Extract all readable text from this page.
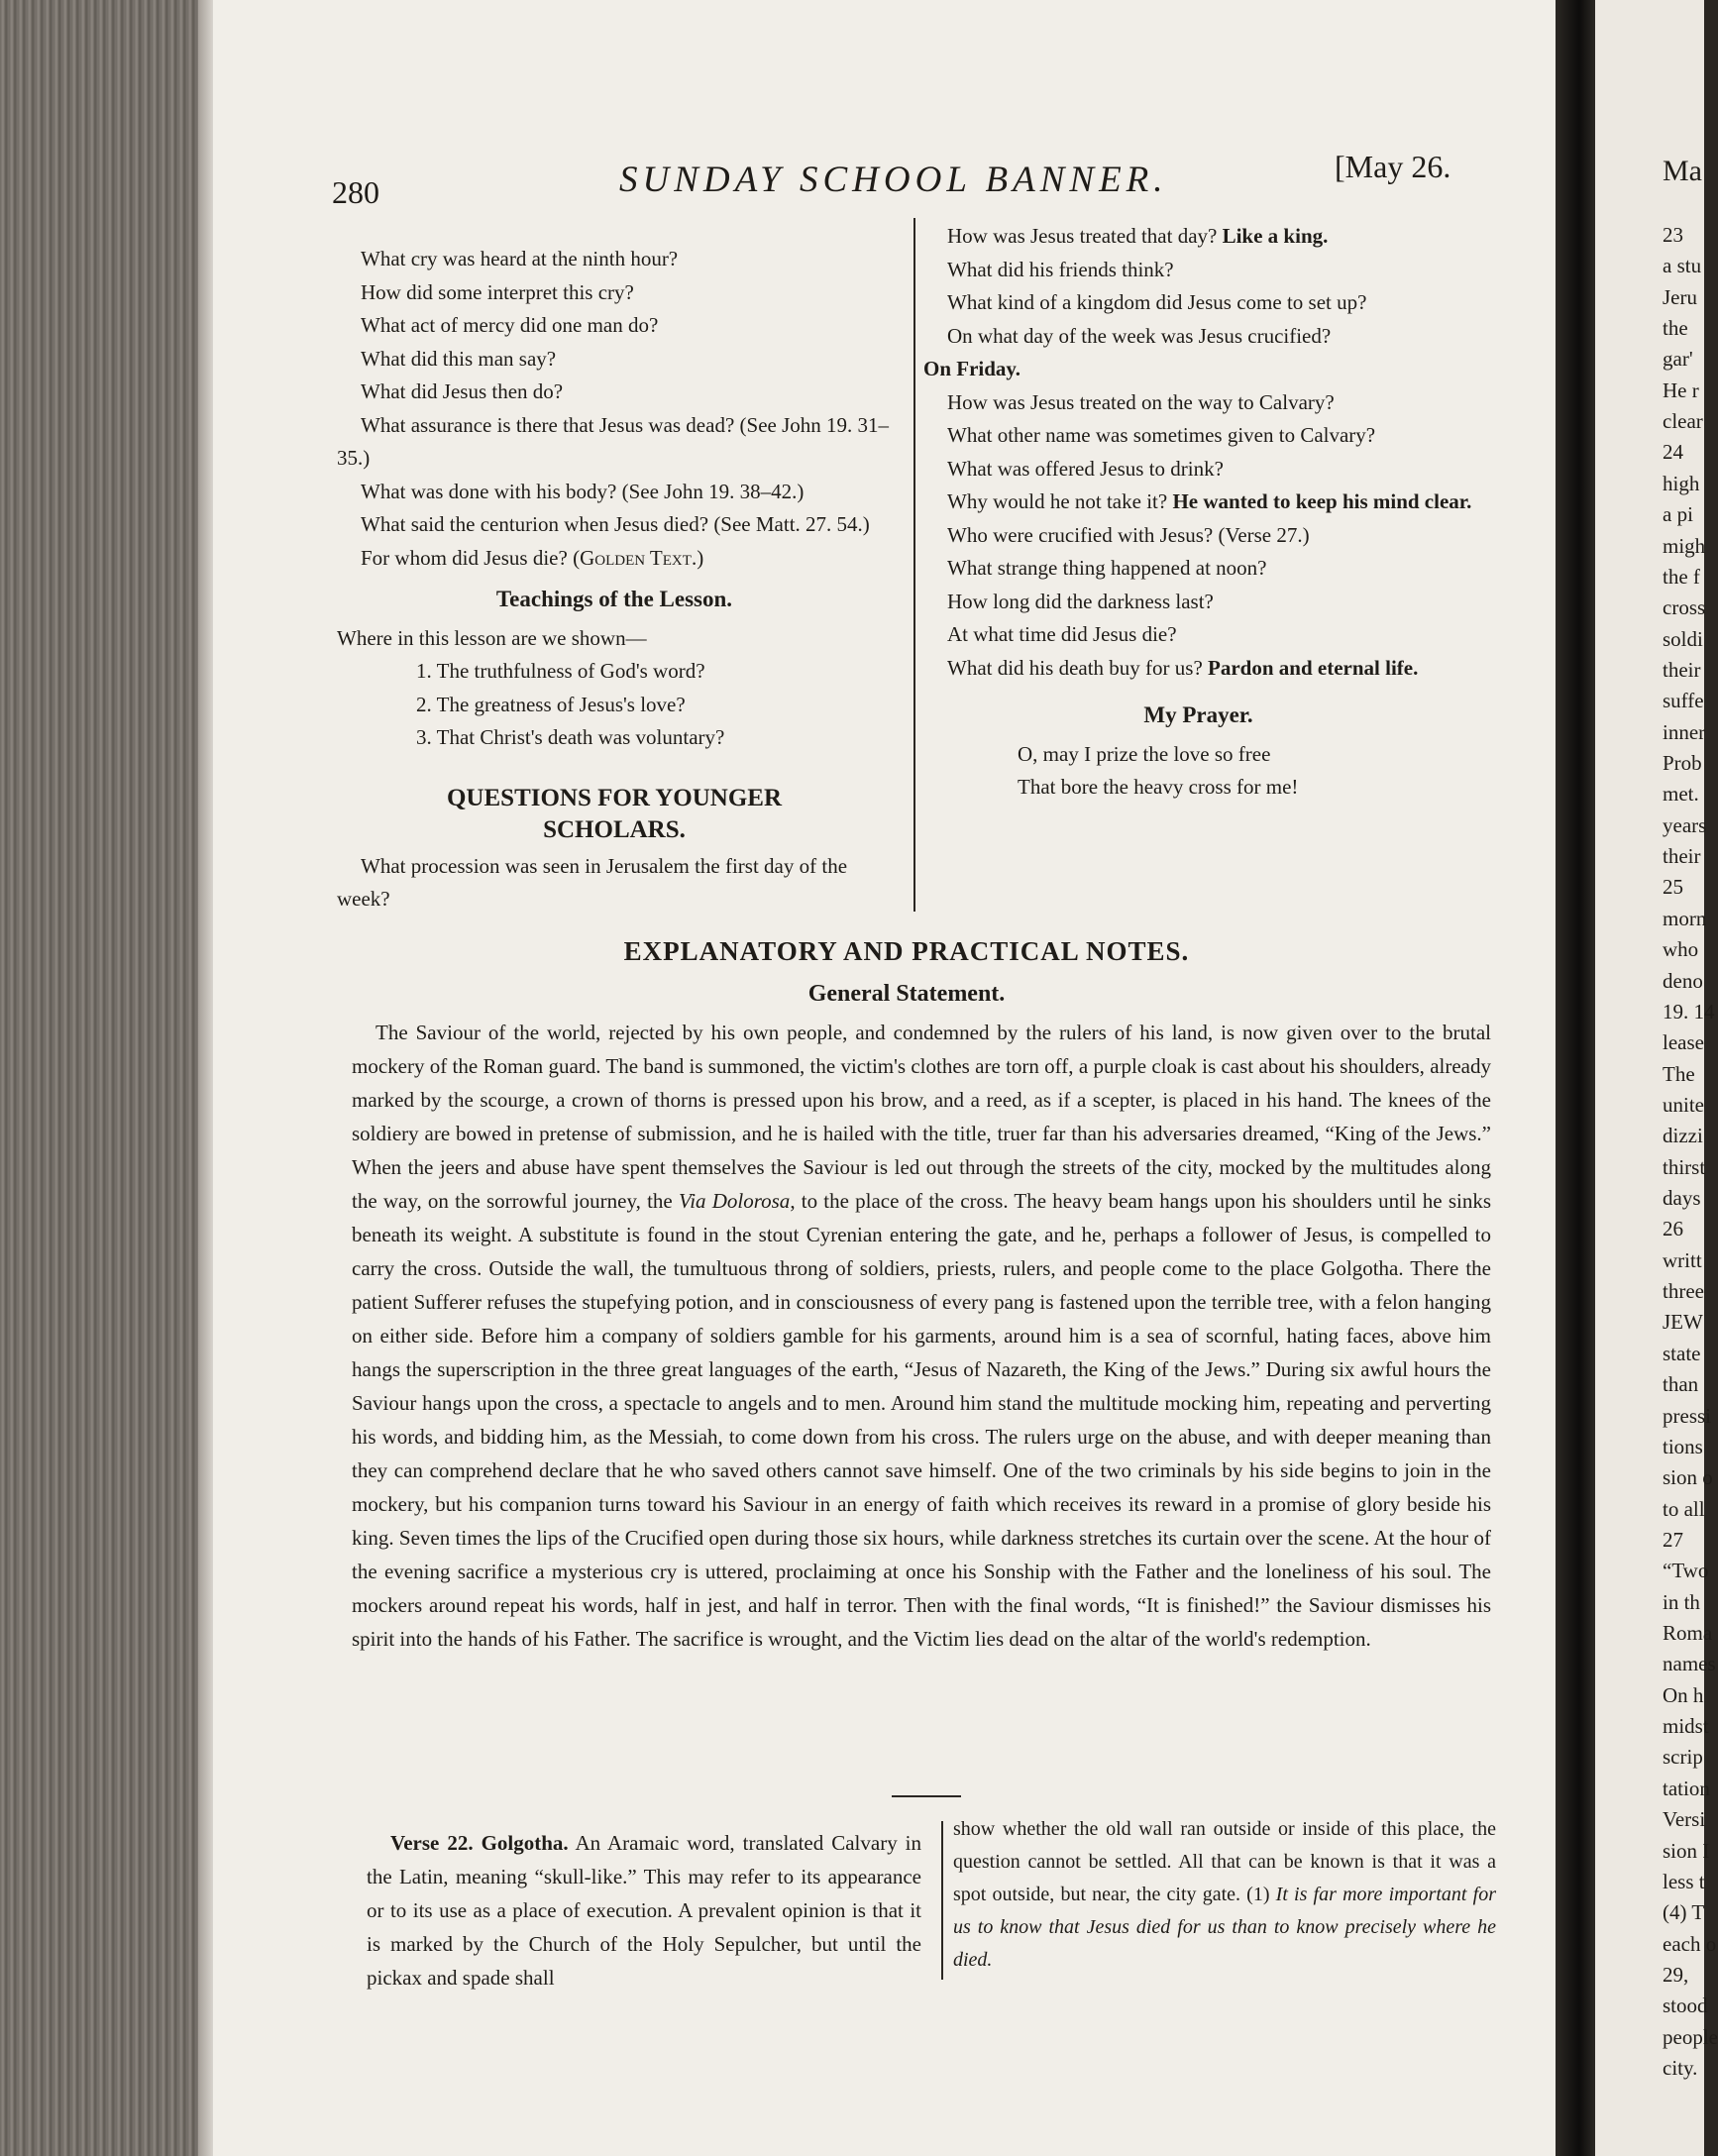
280	SUNDAY SCHOOL BANNER.	[May 26.

What cry was heard at the ninth hour?

How did some interpret this cry?

What act of mercy did one man do?

What did this man say?

What did Jesus then do?

What assurance is there that Jesus was dead? (See John 19. 31–35.)

What was done with his body? (See John 19. 38–42.)

What said the centurion when Jesus died? (See Matt. 27. 54.)

For whom did Jesus die? (Golden Text.)

Teachings of the Lesson.

Where in this lesson are we shown—

1. The truthfulness of God's word?

2. The greatness of Jesus's love?

3. That Christ's death was voluntary?

QUESTIONS FOR YOUNGER
SCHOLARS.

What procession was seen in Jerusalem the first day of the week?

How was Jesus treated that day? Like a king.

What did his friends think?

What kind of a kingdom did Jesus come to set up?

On what day of the week was Jesus crucified?

On Friday.

How was Jesus treated on the way to Calvary?

What other name was sometimes given to Calvary?

What was offered Jesus to drink?

Why would he not take it? He wanted to keep his mind clear.

Who were crucified with Jesus? (Verse 27.)

What strange thing happened at noon?

How long did the darkness last?

At what time did Jesus die?

What did his death buy for us? Pardon and eternal life.

My Prayer.

O, may I prize the love so free

That bore the heavy cross for me!

EXPLANATORY AND PRACTICAL NOTES.
General Statement.

The Saviour of the world, rejected by his own people, and condemned by the rulers of his land, is now given over to the brutal mockery of the Roman guard. The band is summoned, the victim's clothes are torn off, a purple cloak is cast about his shoulders, already marked by the scourge, a crown of thorns is pressed upon his brow, and a reed, as if a scepter, is placed in his hand. The knees of the soldiery are bowed in pretense of submission, and he is hailed with the title, truer far than his adversaries dreamed, “King of the Jews.” When the jeers and abuse have spent themselves the Saviour is led out through the streets of the city, mocked by the multitudes along the way, on the sorrowful journey, the Via Dolorosa, to the place of the cross. The heavy beam hangs upon his shoulders until he sinks beneath its weight. A substitute is found in the stout Cyrenian entering the gate, and he, perhaps a follower of Jesus, is compelled to carry the cross. Outside the wall, the tumultuous throng of soldiers, priests, rulers, and people come to the place Golgotha. There the patient Sufferer refuses the stupefying potion, and in consciousness of every pang is fastened upon the terrible tree, with a felon hanging on either side. Before him a company of soldiers gamble for his garments, around him is a sea of scornful, hating faces, above him hangs the superscription in the three great languages of the earth, “Jesus of Nazareth, the King of the Jews.” During six awful hours the Saviour hangs upon the cross, a spectacle to angels and to men. Around him stand the multitude mocking him, repeating and perverting his words, and bidding him, as the Messiah, to come down from his cross. The rulers urge on the abuse, and with deeper meaning than they can comprehend declare that he who saved others cannot save himself. One of the two criminals by his side begins to join in the mockery, but his companion turns toward his Saviour in an energy of faith which receives its reward in a promise of glory beside his king. Seven times the lips of the Crucified open during those six hours, while darkness stretches its curtain over the scene. At the hour of the evening sacrifice a mysterious cry is uttered, proclaiming at once his Sonship with the Father and the loneliness of his soul. The mockers around repeat his words, half in jest, and half in terror. Then with the final words, “It is finished!” the Saviour dismisses his spirit into the hands of his Father. The sacrifice is wrought, and the Victim lies dead on the altar of the world's redemption.

Verse 22. Golgotha. An Aramaic word, translated Calvary in the Latin, meaning “skull-like.” This may refer to its appearance or to its use as a place of execution. A prevalent opinion is that it is marked by the Church of the Holy Sepulcher, but until the pickax and spade shall

show whether the old wall ran outside or inside of this place, the question cannot be settled. All that can be known is that it was a spot outside, but near, the city gate. (1) It is far more important for us to know that Jesus died for us than to know precisely where he died.

Ma
23
a stu
Jeru
the
gar'
He r
clear
24
high
a pi
migh
the f
cross
soldi
their
suffe
inner
Prob
met.
years
their
25
morn
who
deno
19. 14
lease
The
unite
dizzi
thirst
days
26
writt
three
JEW
state
than
pressi
tions
sion o
to all
27
“Two
in th
Roma
names
On h
midst
scrip
tation
Versi
sion I
less t
(4) T
each o
29,
stood
people
city.
